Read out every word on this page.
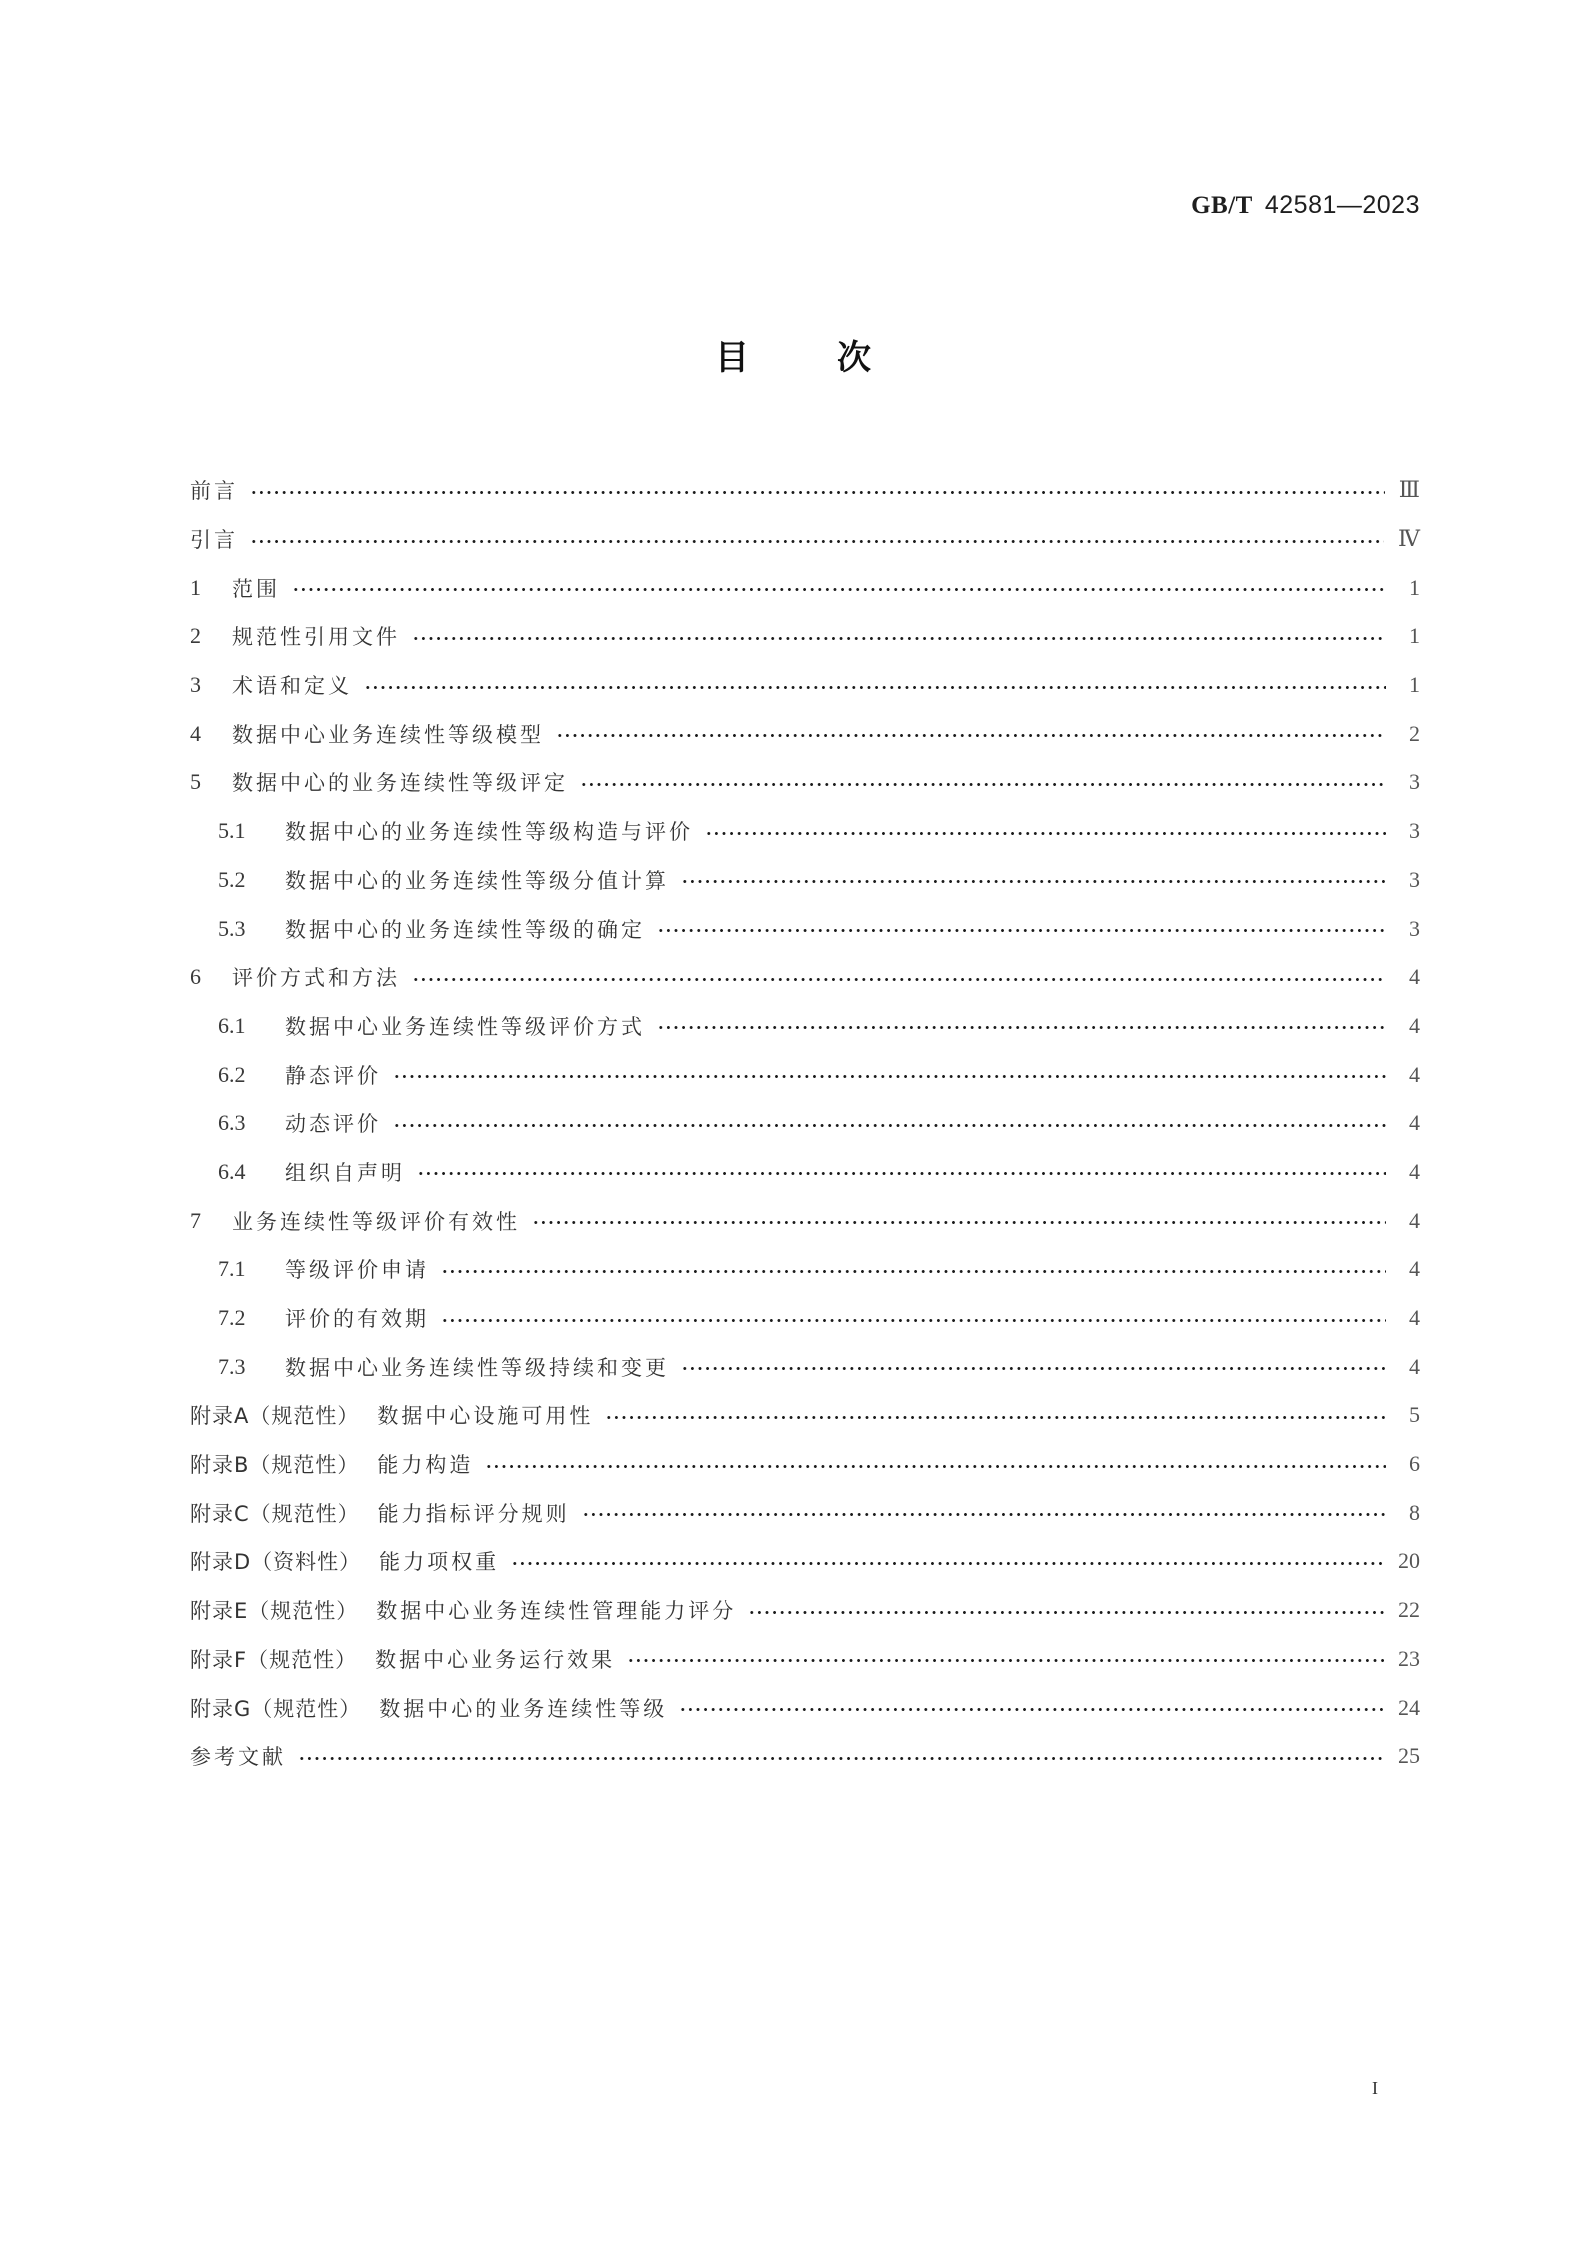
GB/T 42581—2023
目	次
前言	Ⅲ
引言	Ⅳ
1	范围	1
2	规范性引用文件	1
3	术语和定义	1
4	数据中心业务连续性等级模型	2
5	数据中心的业务连续性等级评定	3
5.1	数据中心的业务连续性等级构造与评价	3
5.2	数据中心的业务连续性等级分值计算	3
5.3	数据中心的业务连续性等级的确定	3
6	评价方式和方法	4
6.1	数据中心业务连续性等级评价方式	4
6.2	静态评价	4
6.3	动态评价	4
6.4	组织自声明	4
7	业务连续性等级评价有效性	4
7.1	等级评价申请	4
7.2	评价的有效期	4
7.3	数据中心业务连续性等级持续和变更	4
附录A（规范性） 数据中心设施可用性	5
附录B（规范性） 能力构造	6
附录C（规范性） 能力指标评分规则	8
附录D（资料性） 能力项权重	20
附录E（规范性） 数据中心业务连续性管理能力评分	22
附录F（规范性） 数据中心业务运行效果	23
附录G（规范性） 数据中心的业务连续性等级	24
参考文献	25
I
